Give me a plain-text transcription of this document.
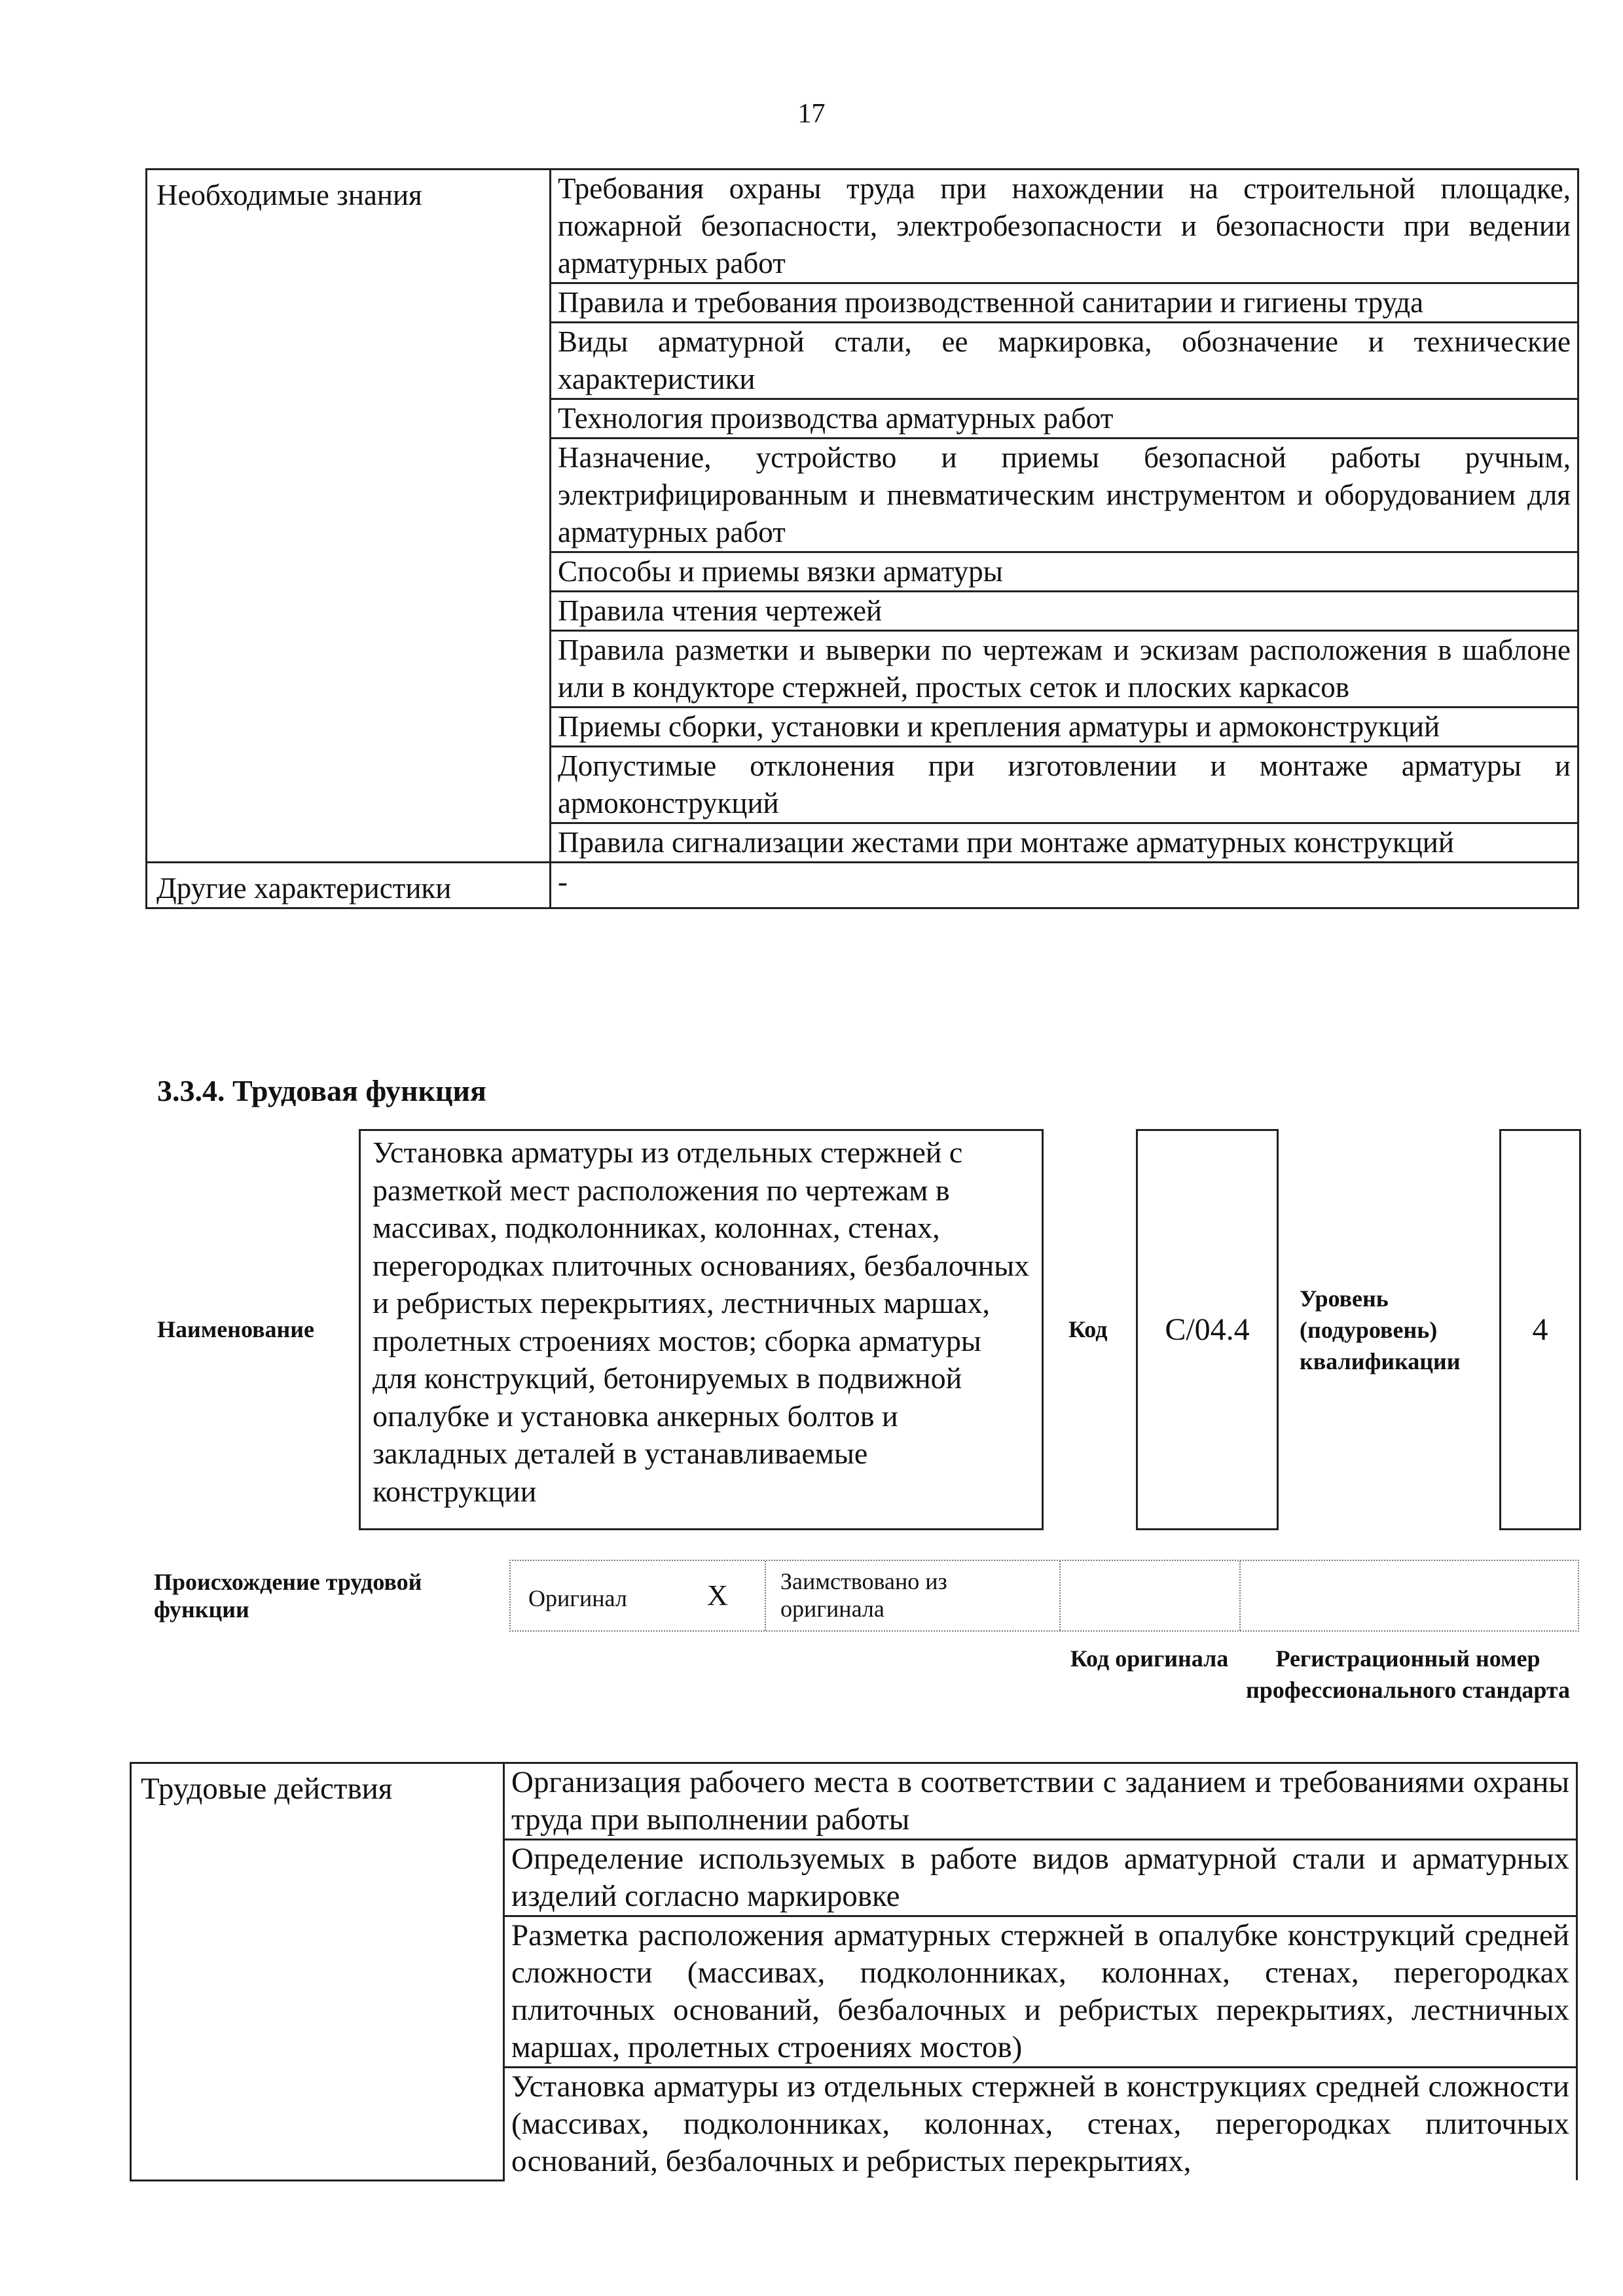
17
Необходимые знания	Требования охраны труда при нахождении на строительной площадке, пожарной безопасности, электробезопасности и безопасности при ведении арматурных работ
	Правила и требования производственной санитарии и гигиены труда
	Виды арматурной стали, ее маркировка, обозначение и технические характеристики
	Технология производства арматурных работ
	Назначение, устройство и приемы безопасной работы ручным, электрифицированным и пневматическим инструментом и оборудованием для арматурных работ
	Способы и приемы вязки арматуры
	Правила чтения чертежей
	Правила разметки и выверки по чертежам и эскизам расположения в шаблоне или в кондукторе стержней, простых сеток и плоских каркасов
	Приемы сборки, установки и крепления арматуры и армоконструкций
	Допустимые отклонения при изготовлении и монтаже арматуры и армоконструкций
	Правила сигнализации жестами при монтаже арматурных конструкций
Другие характеристики	-
3.3.4. Трудовая функция
Наименование
Установка арматуры из отдельных стержней с разметкой мест расположения по чертежам в массивах, подколонниках, колоннах, стенах, перегородках плиточных основаниях, безбалочных и ребристых перекрытиях, лестничных маршах, пролетных строениях мостов; сборка арматуры для конструкций, бетонируемых в подвижной опалубке и установка анкерных болтов и закладных деталей в устанавливаемые конструкции
Код C/04.4
Уровень (подуровень) квалификации
4
Происхождение трудовой функции	Оригинал	X Заимствовано из оригинала
Код оригинала	Регистрационный номер профессионального стандарта
Трудовые действия	Организация рабочего места в соответствии с заданием и требованиями охраны труда при выполнении работы
Определение используемых в работе видов арматурной стали и арматурных изделий согласно маркировке
Разметка расположения арматурных стержней в опалубке конструкций средней сложности (массивах, подколонниках, колоннах, стенах, перегородках плиточных оснований, безбалочных и ребристых перекрытиях, лестничных маршах, пролетных строениях мостов)
Установка арматуры из отдельных стержней в конструкциях средней сложности (массивах, подколонниках, колоннах, стенах, перегородках плиточных оснований, безбалочных и ребристых перекрытиях,
